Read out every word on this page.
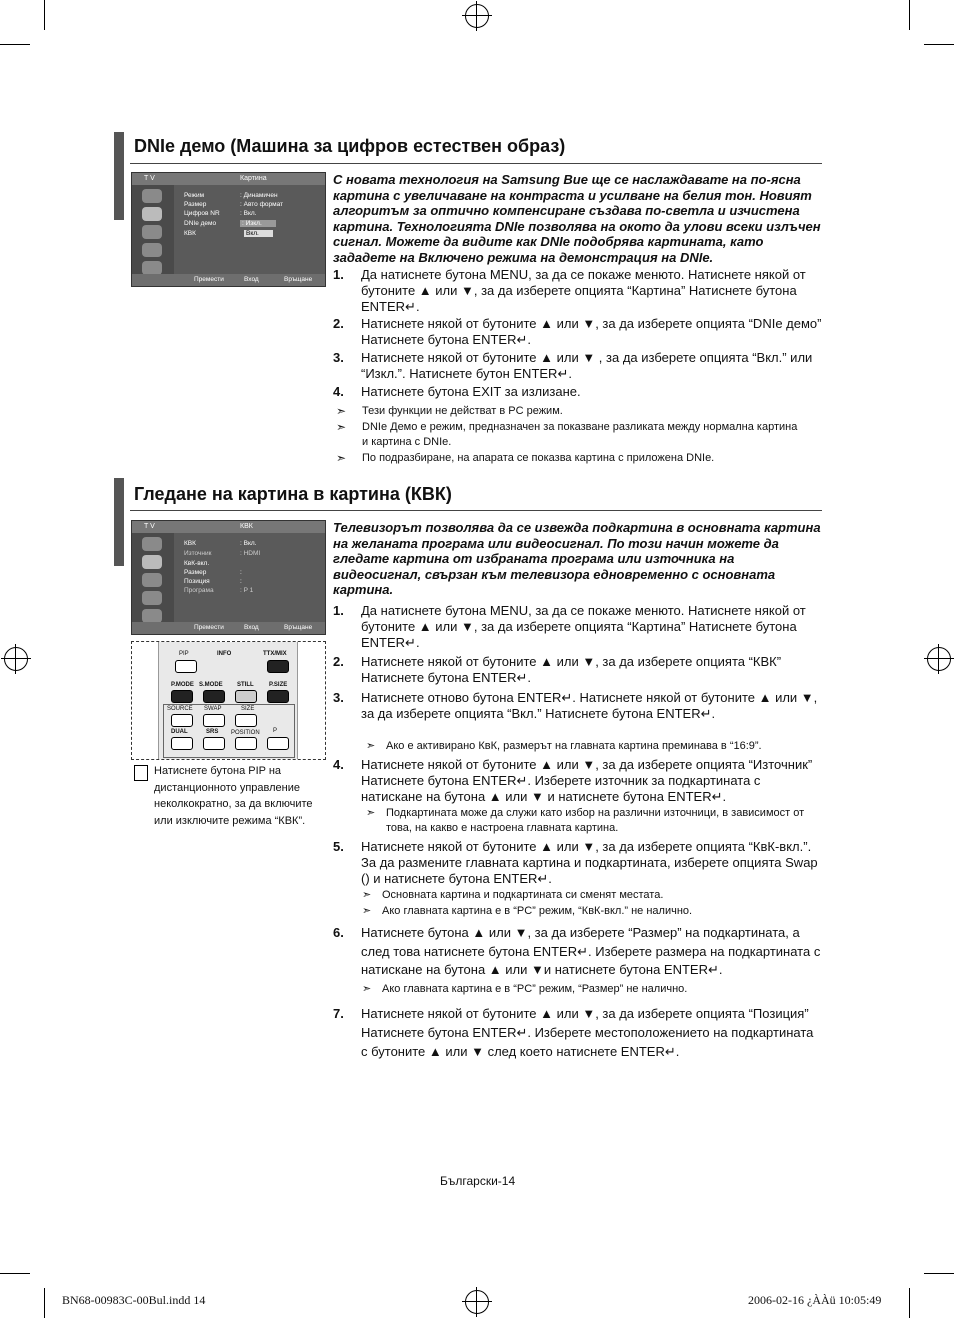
DNIe демо (Машина за цифров естествен образ)
T V	Картина
Режим	: Динамичен
Размер	: Авто формат
Цифров NR	: Вкл.
DNIe демо	: Изкл.
КВК	Вкл.
Премести	Вход	Връщане
С новата технология на Samsung Вие ще се наслаждавате на по-ясна картина с увеличаване на контраста и усилване на белия тон. Новият алгоритъм за оптично компенсиране създава по-светла и изчистена картина. Технологията DNIe позволява на окото да улови всеки излъчен сигнал. Можете да видите как DNIe подобрява картината, като зададете на Включено режима на демонстрация на DNIe.
1. Да натиснете бутона MENU, за да се покаже менюто. Натиснете някой от бутоните ▲ или ▼, за да изберете опцията “Картина” Натиснете бутона ENTER↵.
2. Натиснете някой от бутоните ▲ или ▼, за да изберете опцията “DNIe демо” Натиснете бутона ENTER↵.
3. Натиснете някой от бутоните ▲ или ▼ , за да изберете опцията “Вкл.” или “Изкл.”. Натиснете бутон ENTER↵.
4. Натиснете бутона EXIT за излизане.
➣ Тези функции не действат в PC режим.
➣ DNIe Демо е режим, предназначен за показване разликата между нормална картина и картина с DNIe.
➣ По подразбиране, на апарата се показва картина с приложена DNIe.
Гледане на картина в картина (КВК)
T V	КВК
КВК	: Вкл.
Източник	: HDMI
КвК-вкл.
Размер	:
Позиция	:
Програма	: P 1
Премести	Вход	Връщане
PIP	INFO	TTX/MIX
P.MODE S.MODE STILL	P.SIZE
SOURCE SWAP	SIZE
DUAL	SRS POSITION P
Натиснете бутона PIP на дистанционното управление неколкократно, за да включите или изключите режима “КВК”.
Телевизорът позволява да се извежда подкартина в основната картина на желаната програма или видеосигнал. По този начин можете да гледате картина от избраната програма или източника на видеосигнал, свързан към телевизора едновременно с основната картина.
1. Да натиснете бутона MENU, за да се покаже менюто. Натиснете някой от бутоните ▲ или ▼, за да изберете опцията “Картина” Натиснете бутона ENTER↵.
2. Натиснете някой от бутоните ▲ или ▼, за да изберете опцията “КВК” Натиснете бутона ENTER↵.
3. Натиснете отново бутона ENTER↵. Натиснете някой от бутоните ▲ или ▼, за да изберете опцията “Вкл.” Натиснете бутона ENTER↵.
➣ Ако е активирано КвК, размерът на главната картина преминава в “16:9”.
4. Натиснете някой от бутоните ▲ или ▼, за да изберете опцията “Източник” Натиснете бутона ENTER↵. Изберете източник за подкартината с натискане на бутона ▲ или ▼ и натиснете бутона ENTER↵.
➣ Подкартината може да служи като избор на различни източници, в зависимост от това, на какво е настроена главната картина.
5. Натиснете някой от бутоните ▲ или ▼, за да изберете опцията “КвК-вкл.”. За да размените главната картина и подкартината, изберете опцията Swap () и натиснете бутона ENTER↵.
➣ Основната картина и подкартината си сменят местата.
➣ Ако главната картина е в “PC” режим, “КвК-вкл.” не налично.
6. Натиснете бутона ▲ или ▼, за да изберете “Размер” на подкартината, а след това натиснете бутона ENTER↵. Изберете размера на подкартината с натискане на бутона ▲ или ▼и натиснете бутона ENTER↵.
➣ Ако главната картина е в “PC” режим, “Размер” не налично.
7. Натиснете някой от бутоните ▲ или ▼, за да изберете опцията “Позиция” Натиснете бутона ENTER↵. Изберете местоположението на подкартината с бутоните ▲ или ▼ след което натиснете ENTER↵.
Български-14
BN68-00983C-00Bul.indd 14	2006-02-16 ¿ÀÀü 10:05:49
